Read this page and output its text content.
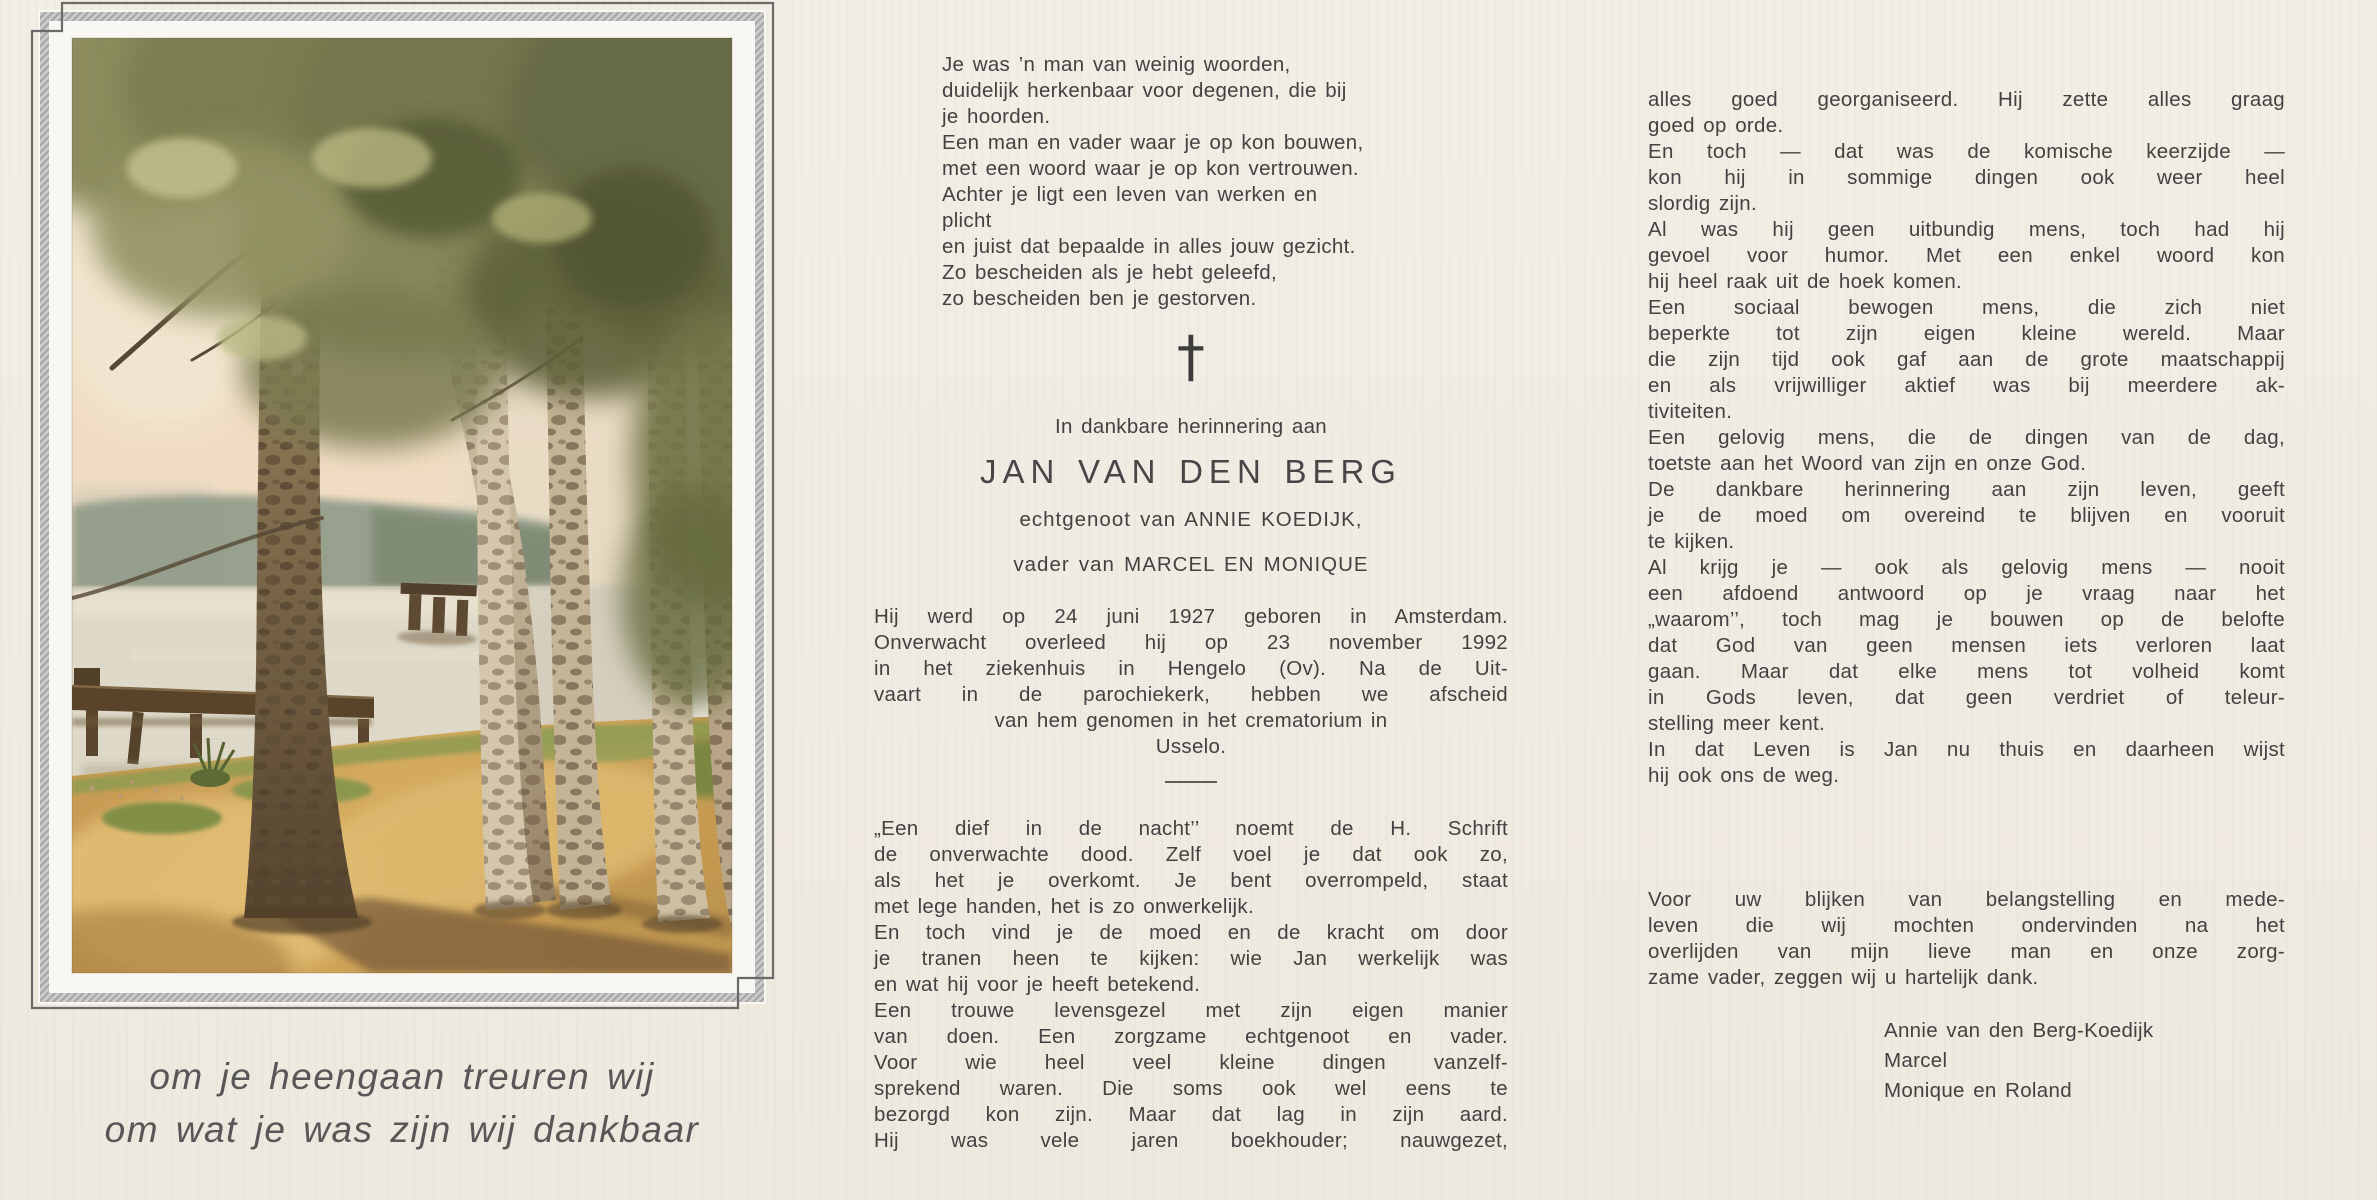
om je heengaan treuren wij
om wat je was zijn wij dankbaar
Je was ’n man van weinig woorden,
duidelijk herkenbaar voor degenen, die bij
je hoorden.
Een man en vader waar je op kon bouwen,
met een woord waar je op kon vertrouwen.
Achter je ligt een leven van werken en
plicht
en juist dat bepaalde in alles jouw gezicht.
Zo bescheiden als je hebt geleefd,
zo bescheiden ben je gestorven.
†
In dankbare herinnering aan
JAN VAN DEN BERG
echtgenoot van ANNIE KOEDIJK,
vader van MARCEL EN MONIQUE
Hij werd op 24 juni 1927 geboren in Amsterdam.
Onverwacht overleed hij op 23 november 1992
in het ziekenhuis in Hengelo (Ov). Na de Uit-
vaart in de parochiekerk, hebben we afscheid
van hem genomen in het crematorium in
Usselo.
„Een dief in de nacht’’ noemt de H. Schrift
de onverwachte dood. Zelf voel je dat ook zo,
als het je overkomt. Je bent overrompeld, staat
met lege handen, het is zo onwerkelijk.
En toch vind je de moed en de kracht om door
je tranen heen te kijken: wie Jan werkelijk was
en wat hij voor je heeft betekend.
Een trouwe levensgezel met zijn eigen manier
van doen. Een zorgzame echtgenoot en vader.
Voor wie heel veel kleine dingen vanzelf-
sprekend waren. Die soms ook wel eens te
bezorgd kon zijn. Maar dat lag in zijn aard.
Hij was vele jaren boekhouder; nauwgezet,
alles goed georganiseerd. Hij zette alles graag
goed op orde.
En toch — dat was de komische keerzijde —
kon hij in sommige dingen ook weer heel
slordig zijn.
Al was hij geen uitbundig mens, toch had hij
gevoel voor humor. Met een enkel woord kon
hij heel raak uit de hoek komen.
Een sociaal bewogen mens, die zich niet
beperkte tot zijn eigen kleine wereld. Maar
die zijn tijd ook gaf aan de grote maatschappij
en als vrijwilliger aktief was bij meerdere ak-
tiviteiten.
Een gelovig mens, die de dingen van de dag,
toetste aan het Woord van zijn en onze God.
De dankbare herinnering aan zijn leven, geeft
je de moed om overeind te blijven en vooruit
te kijken.
Al krijg je — ook als gelovig mens — nooit
een afdoend antwoord op je vraag naar het
„waarom’’, toch mag je bouwen op de belofte
dat God van geen mensen iets verloren laat
gaan. Maar dat elke mens tot volheid komt
in Gods leven, dat geen verdriet of teleur-
stelling meer kent.
In dat Leven is Jan nu thuis en daarheen wijst
hij ook ons de weg.
Voor uw blijken van belangstelling en mede-
leven die wij mochten ondervinden na het
overlijden van mijn lieve man en onze zorg-
zame vader, zeggen wij u hartelijk dank.
Annie van den Berg-Koedijk
Marcel
Monique en Roland
